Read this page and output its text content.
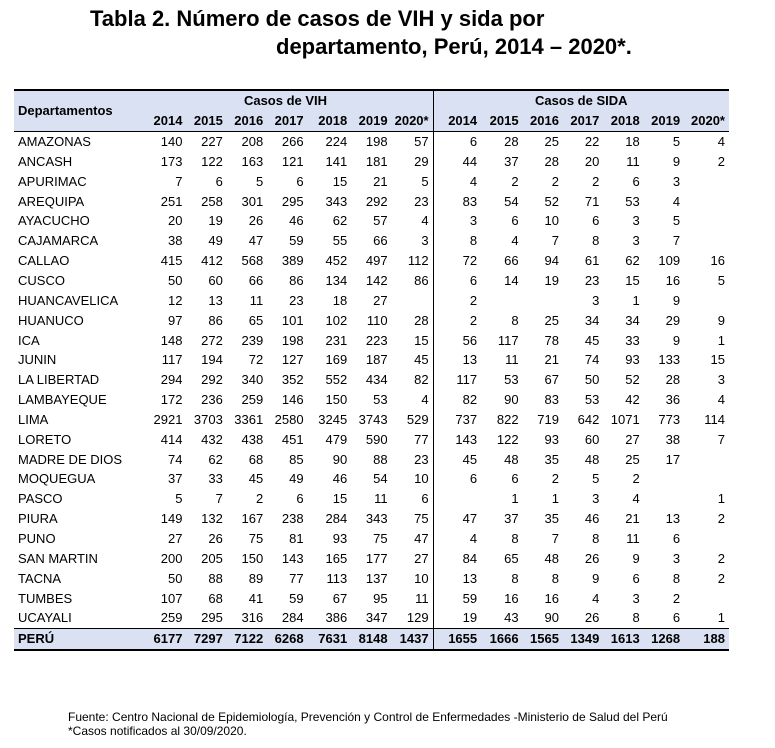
Tabla 2. Número de casos de VIH y sida por
departamento, Perú, 2014 – 2020*.
Departamentos	Casos de VIH							Casos de SIDA						
	2014	2015	2016	2017	2018	2019	2020*	2014	2015	2016	2017	2018	2019	2020*
AMAZONAS	140	227	208	266	224	198	57	6	28	25	22	18	5	4
ANCASH	173	122	163	121	141	181	29	44	37	28	20	11	9	2
APURIMAC	7	6	5	6	15	21	5	4	2	2	2	6	3	
AREQUIPA	251	258	301	295	343	292	23	83	54	52	71	53	4	
AYACUCHO	20	19	26	46	62	57	4	3	6	10	6	3	5	
CAJAMARCA	38	49	47	59	55	66	3	8	4	7	8	3	7	
CALLAO	415	412	568	389	452	497	112	72	66	94	61	62	109	16
CUSCO	50	60	66	86	134	142	86	6	14	19	23	15	16	5
HUANCAVELICA	12	13	11	23	18	27		2			3	1	9	
HUANUCO	97	86	65	101	102	110	28	2	8	25	34	34	29	9
ICA	148	272	239	198	231	223	15	56	117	78	45	33	9	1
JUNIN	117	194	72	127	169	187	45	13	11	21	74	93	133	15
LA LIBERTAD	294	292	340	352	552	434	82	117	53	67	50	52	28	3
LAMBAYEQUE	172	236	259	146	150	53	4	82	90	83	53	42	36	4
LIMA	2921	3703	3361	2580	3245	3743	529	737	822	719	642	1071	773	114
LORETO	414	432	438	451	479	590	77	143	122	93	60	27	38	7
MADRE DE DIOS	74	62	68	85	90	88	23	45	48	35	48	25	17	
MOQUEGUA	37	33	45	49	46	54	10	6	6	2	5	2		
PASCO	5	7	2	6	15	11	6		1	1	3	4		1
PIURA	149	132	167	238	284	343	75	47	37	35	46	21	13	2
PUNO	27	26	75	81	93	75	47	4	8	7	8	11	6	
SAN MARTIN	200	205	150	143	165	177	27	84	65	48	26	9	3	2
TACNA	50	88	89	77	113	137	10	13	8	8	9	6	8	2
TUMBES	107	68	41	59	67	95	11	59	16	16	4	3	2	
UCAYALI	259	295	316	284	386	347	129	19	43	90	26	8	6	1
PERÚ	6177	7297	7122	6268	7631	8148	1437	1655	1666	1565	1349	1613	1268	188
Fuente: Centro Nacional de Epidemiología, Prevención y Control de Enfermedades -Ministerio de Salud del Perú
*Casos notificados al 30/09/2020.
